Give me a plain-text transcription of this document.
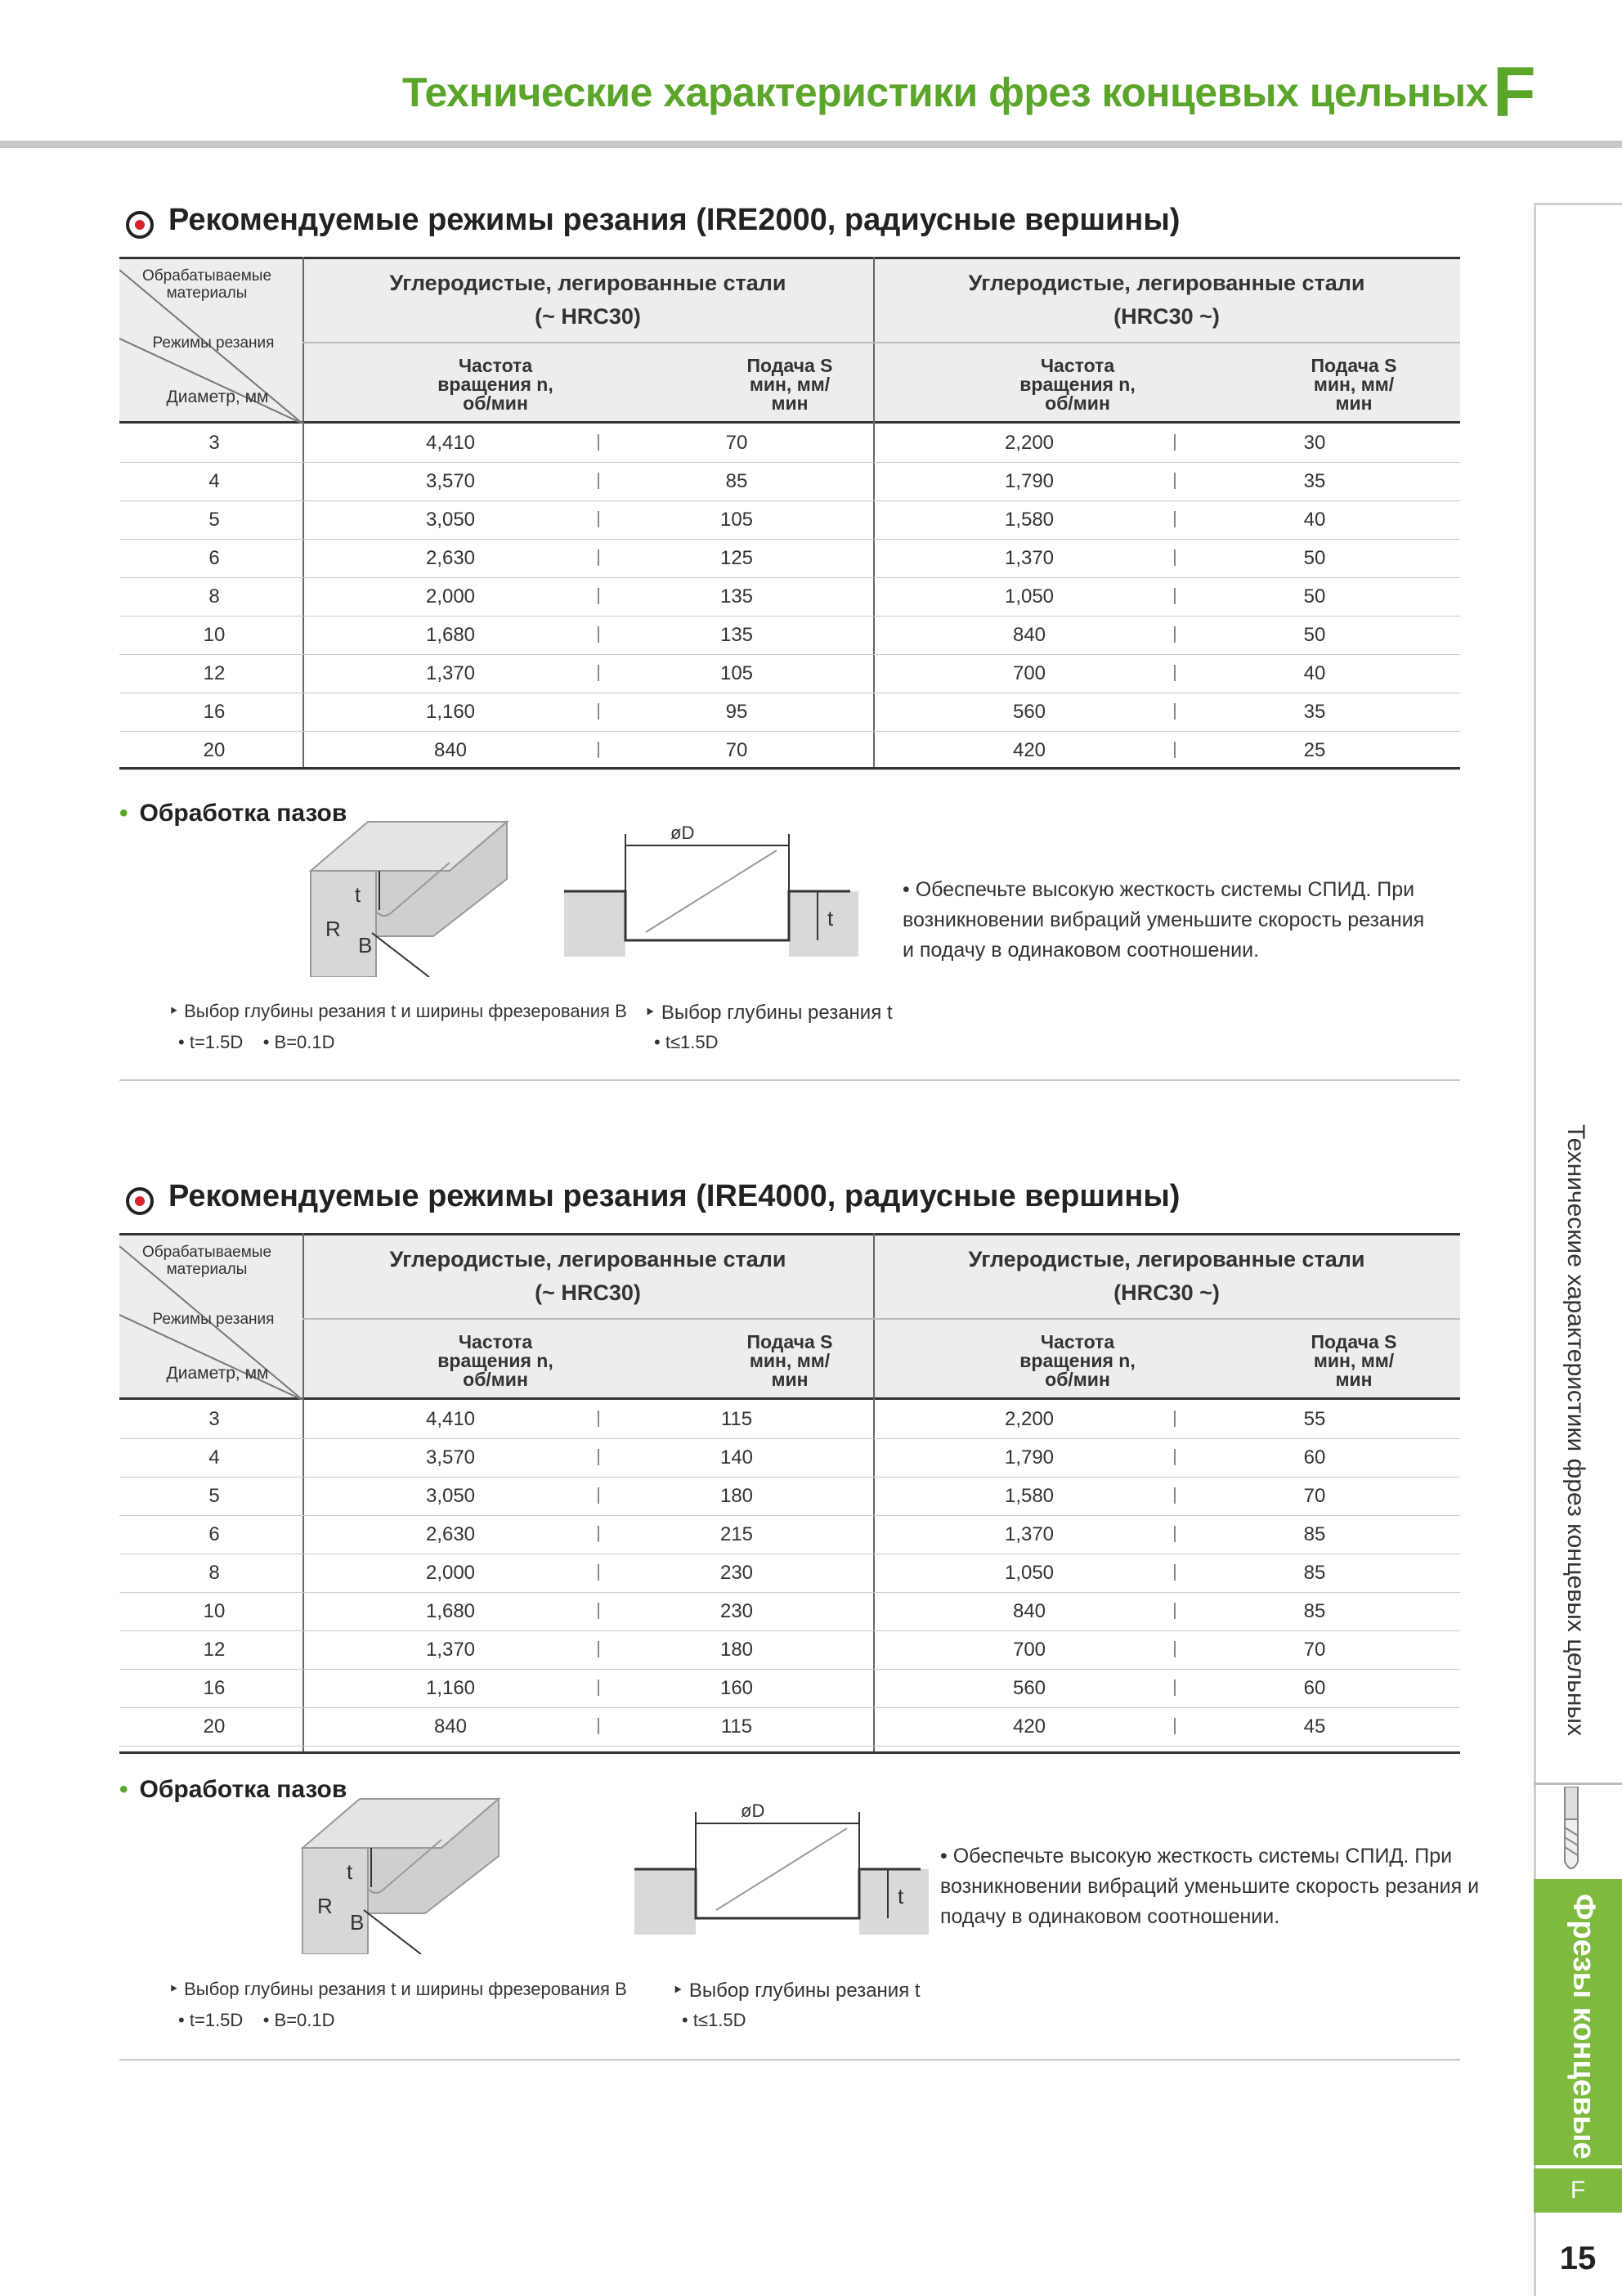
Технические характеристики фрез концевых цельных F
Технические характеристики фрез концевых цельных
Фрезы концевые
F
15
Рекомендуемые режимы резания (IRE2000, радиусные вершины)
Обрабатываемые материалы
Режимы резания
Диаметр, мм
Углеродистые, легированные стали
(~ HRC30)
Углеродистые, легированные стали
(HRC30 ~)
Частота вращения n, об/мин
Подача S мин, мм/мин
Частота вращения n, об/мин
Подача S мин, мм/мин
3	4,410	70	2,200	30
4	3,570	85	1,790	35
5	3,050	105	1,580	40
6	2,630	125	1,370	50
8	2,000	135	1,050	50
10	1,680	135	840	50
12	1,370	105	700	40
16	1,160	95	560	35
20	840	70	420	25
• Обработка пазов
t
R
B
øD
t
• Обеспечьте высокую жесткость системы СПИД. При возникновении вибраций уменьшите скорость резания и подачу в одинаковом соотношении.
‣ Выбор глубины резания t и ширины фрезерования B
• t=1.5D    • B=0.1D
‣ Выбор глубины резания t
• t≤1.5D
Рекомендуемые режимы резания (IRE4000, радиусные вершины)
Обрабатываемые материалы
Режимы резания
Диаметр, мм
Углеродистые, легированные стали
(~ HRC30)
Углеродистые, легированные стали
(HRC30 ~)
Частота вращения n, об/мин
Подача S мин, мм/мин
Частота вращения n, об/мин
Подача S мин, мм/мин
3	4,410	115	2,200	55
4	3,570	140	1,790	60
5	3,050	180	1,580	70
6	2,630	215	1,370	85
8	2,000	230	1,050	85
10	1,680	230	840	85
12	1,370	180	700	70
16	1,160	160	560	60
20	840	115	420	45
• Обработка пазов
t
R
B
øD
t
• Обеспечьте высокую жесткость системы СПИД. При возникновении вибраций уменьшите скорость резания и подачу в одинаковом соотношении.
‣ Выбор глубины резания t и ширины фрезерования B
• t=1.5D    • B=0.1D
‣ Выбор глубины резания t
• t≤1.5D
